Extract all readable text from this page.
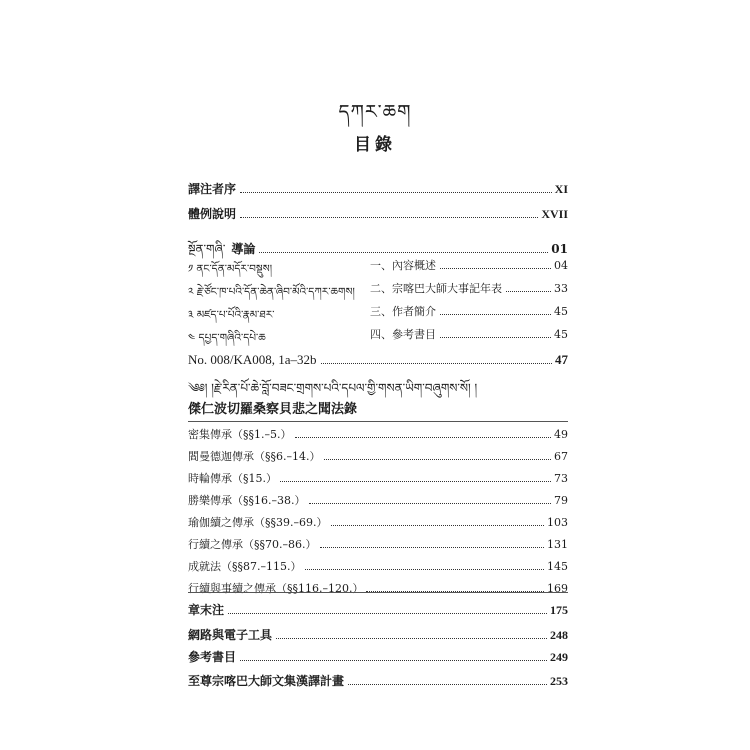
དཀར་ཆག
目錄
譯注者序	XI
體例說明	XVII
སྔོན་གཞི་ 導論	01
༡ ནང་དོན་མདོར་བསྡུས།	一、內容概述	04
༢ རྗེ་ཙོང་ཁ་པའི་དོན་ཆེན་ཞིབ་མོའི་དཀར་ཆགས།	二、宗喀巴大師大事記年表	33
༣ མཛད་པ་པོའི་རྣམ་ཐར་	三、作者簡介	45
༤ དཔྱད་གཞིའི་དཔེ་ཆ	四、參考書目	45
No. 008/KA008, 1a–32b	47
༄༅། །རྗེ་རིན་པོ་ཆེ་བློ་བཟང་གྲགས་པའི་དཔལ་གྱི་གསན་ཡིག་བཞུགས་སོ། །
傑仁波切羅桑察貝悲之聞法錄
密集傳承（§§1.–5.）	49
閻曼德迦傳承（§§6.–14.）	67
時輪傳承（§15.）	73
勝樂傳承（§§16.–38.）	79
瑜伽續之傳承（§§39.–69.）	103
行續之傳承（§§70.–86.）	131
成就法（§§87.–115.）	145
行續與事續之傳承（§§116.–120.）	169
章末注	175
網路與電子工具	248
參考書目	249
至尊宗喀巴大師文集漢譯計畫	253
